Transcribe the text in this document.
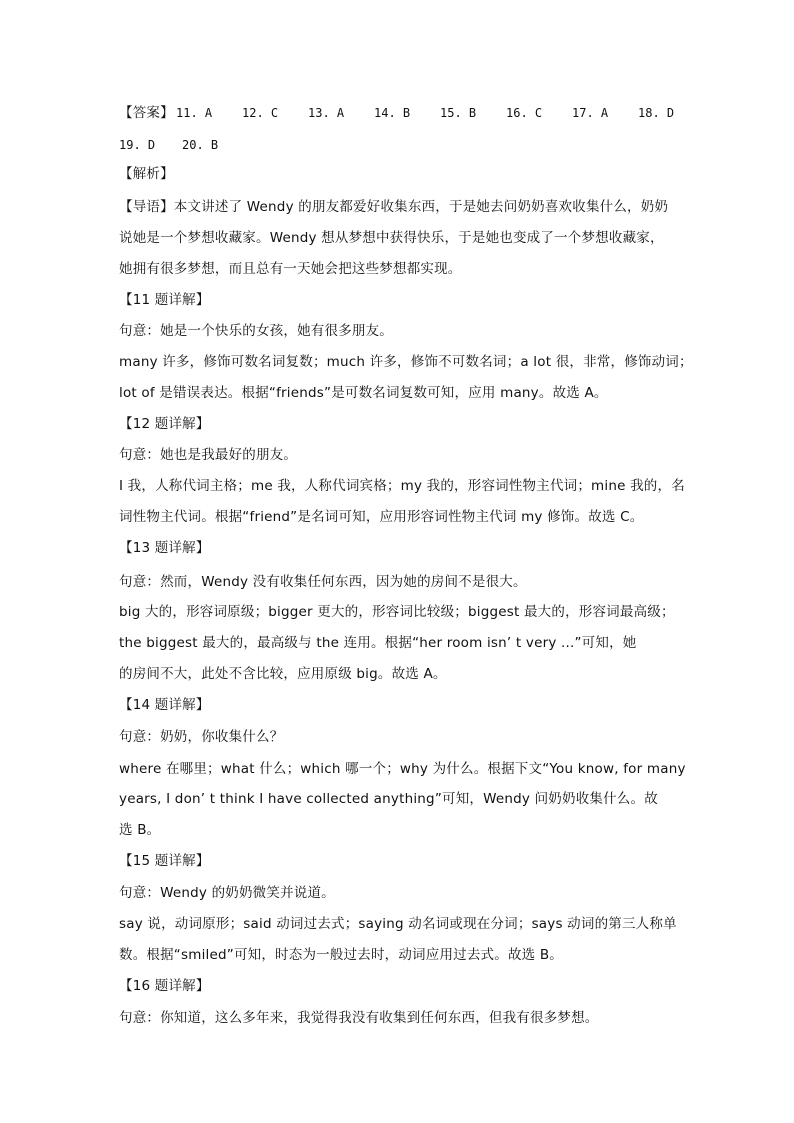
【答案】 11. A 12. C 13. A 14. B 15. B 16. C 17. A 18. D
19. D 20. B
【解析】
【导语】本文讲述了 Wendy 的朋友都爱好收集东西，于是她去问奶奶喜欢收集什么，奶奶
说她是一个梦想收藏家。Wendy 想从梦想中获得快乐，于是她也变成了一个梦想收藏家，
她拥有很多梦想，而且总有一天她会把这些梦想都实现。
【11 题详解】
句意：她是一个快乐的女孩，她有很多朋友。
many 许多，修饰可数名词复数；much 许多，修饰不可数名词；a lot 很，非常，修饰动词；
lot of 是错误表达。根据“friends”是可数名词复数可知，应用 many。故选 A。
【12 题详解】
句意：她也是我最好的朋友。
I 我，人称代词主格；me 我，人称代词宾格；my 我的，形容词性物主代词；mine 我的，名
词性物主代词。根据“friend”是名词可知，应用形容词性物主代词 my 修饰。故选 C。
【13 题详解】
句意：然而，Wendy 没有收集任何东西，因为她的房间不是很大。
big 大的，形容词原级；bigger 更大的，形容词比较级；biggest 最大的，形容词最高级；
the biggest 最大的，最高级与 the 连用。根据“her room isn’ t very ...”可知，她
的房间不大，此处不含比较，应用原级 big。故选 A。
【14 题详解】
句意：奶奶，你收集什么？
where 在哪里；what 什么；which 哪一个；why 为什么。根据下文“You know, for many
years, I don’ t think I have collected anything”可知，Wendy 问奶奶收集什么。故
选 B。
【15 题详解】
句意：Wendy 的奶奶微笑并说道。
say 说，动词原形；said 动词过去式；saying 动名词或现在分词；says 动词的第三人称单
数。根据“smiled”可知，时态为一般过去时，动词应用过去式。故选 B。
【16 题详解】
句意：你知道，这么多年来，我觉得我没有收集到任何东西，但我有很多梦想。
